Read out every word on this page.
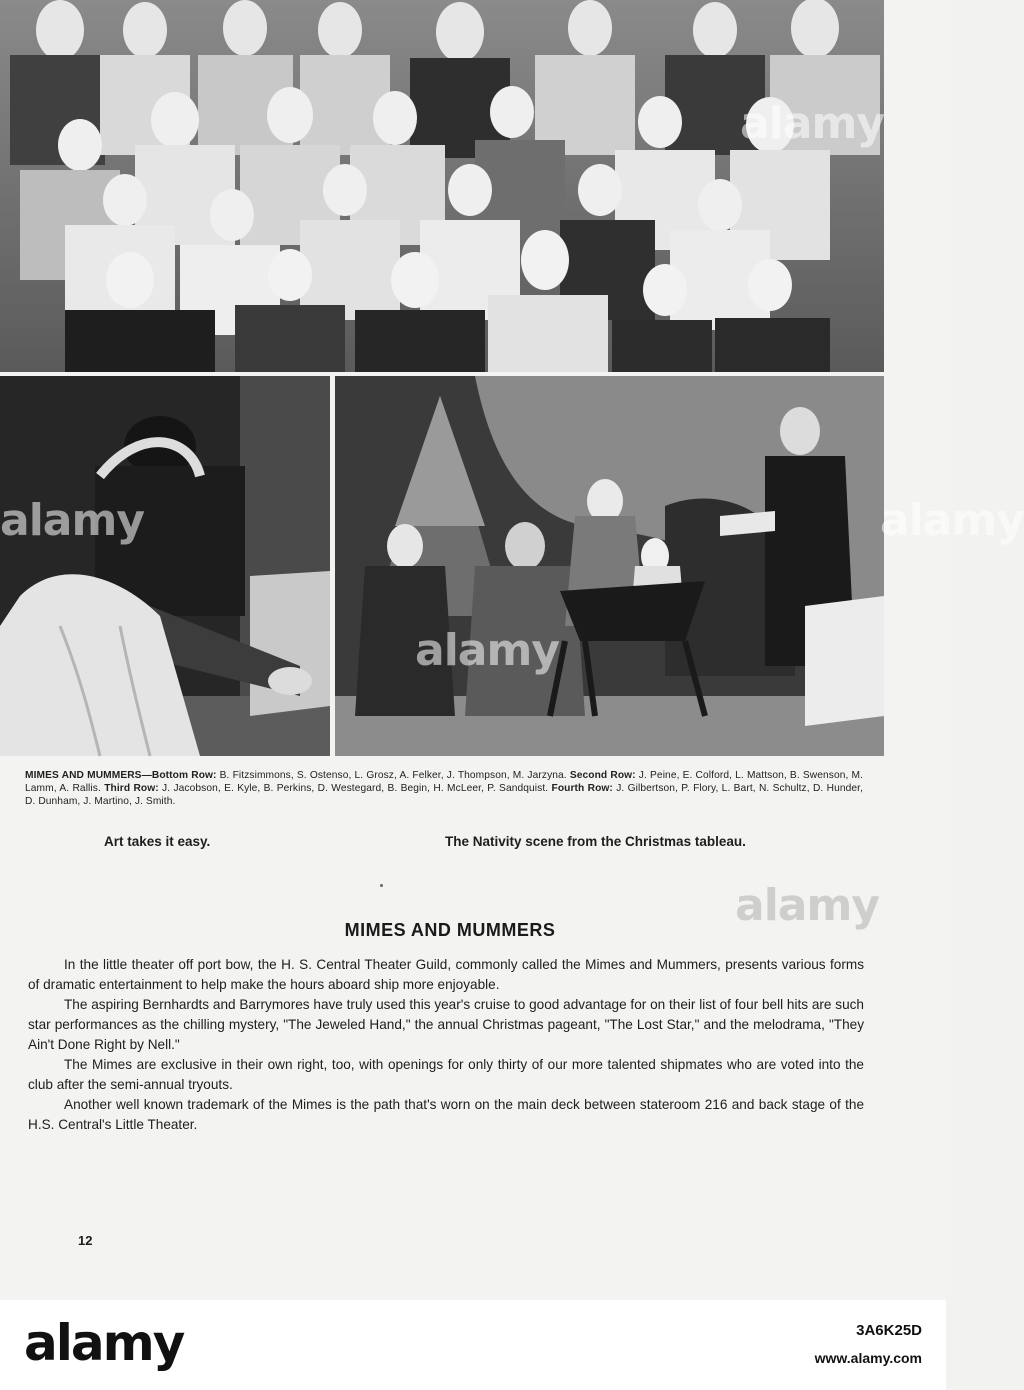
alamy
alamy
alamy
alamy
alamy
MIMES AND MUMMERS—Bottom Row: B. Fitzsimmons, S. Ostenso, L. Grosz, A. Felker, J. Thompson, M. Jarzyna. Second Row: J. Peine, E. Colford, L. Mattson, B. Swenson, M. Lamm, A. Rallis. Third Row: J. Jacobson, E. Kyle, B. Perkins, D. Westegard, B. Begin, H. McLeer, P. Sandquist. Fourth Row: J. Gilbertson, P. Flory, L. Bart, N. Schultz, D. Hunder, D. Dunham, J. Martino, J. Smith.
Art takes it easy.	The Nativity scene from the Christmas tableau.
MIMES AND MUMMERS

In the little theater off port bow, the H. S. Central Theater Guild, commonly called the Mimes and Mummers, presents various forms of dramatic entertainment to help make the hours aboard ship more enjoyable.

The aspiring Bernhardts and Barrymores have truly used this year's cruise to good advantage for on their list of four bell hits are such star performances as the chilling mystery, "The Jeweled Hand," the annual Christmas pageant, "The Lost Star," and the melodrama, "They Ain't Done Right by Nell."

The Mimes are exclusive in their own right, too, with openings for only thirty of our more talented shipmates who are voted into the club after the semi-annual tryouts.

Another well known trademark of the Mimes is the path that's worn on the main deck between stateroom 216 and back stage of the H.S. Central's Little Theater.

12
alamy	3A6K25D
www.alamy.com
